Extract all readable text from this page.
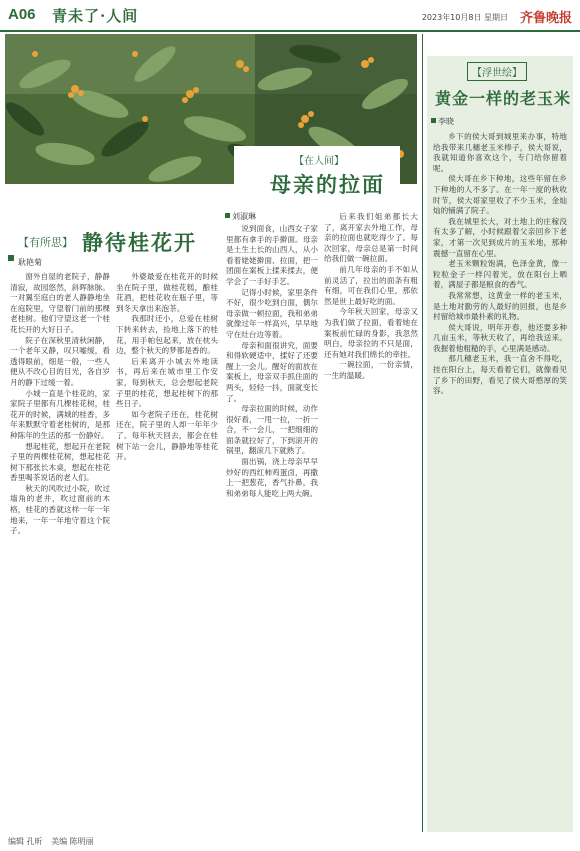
A06 青未了·人间	2023年10月8日 星期日 齐鲁晚报
【有所思】 静待桂花开
耿艳菊

窗外自屋的老院子，静静清寂，故园悠然，斜晖脉脉。一对翼至庭白的老人静静地坐在庭院里，守望着门前的那棵老桂树。他们守望这老一个桂花长开的大好日子。

院子在深秋里清秋闲静，一个老年又静，叹只嘘缓，看透得眼前，细是一般，一些人便从不改心目的目光，各自岁月的静下过缓一着。

小城一直是个桂花的，家家院子里都有几棵桂花树，桂花开的时候，满城的桂香，多年来默默守着老桂树的，是那种陈年的生活的那一份静好。

想起桂花，想起开在老院子里的两棵桂花树，想起桂花树下那张长木桌，想起在桂花香里喝茶说话的老人们。

秋天的风吹过小院，吹过墙角的老井，吹过窗前的木格，桂花的香就这样一年一年地来，一年一年地守着这个院子。

外婆最爱在桂花开的时候坐在院子里，做桂花糕，酿桂花酒，把桂花收在瓶子里，等到冬天拿出来泡茶。

我那时还小，总爱在桂树下转来转去，捡地上落下的桂花，用手帕包起来，放在枕头边，整个秋天的梦都是香的。

后来离开小城去外地读书，再后来在城市里工作安家，每到秋天，总会想起老院子里的桂花，想起桂树下的那些日子。

如今老院子还在，桂花树还在，院子里的人却一年年少了。每年秋天回去，都会在桂树下站一会儿，静静地等桂花开。

【在人间】
母亲的拉面
刘淑琳

说到面食，山西女子家里都有拿手的手擀面。母亲是土生土长的山西人，从小看着姥姥擀面、拉面，把一团面在案板上揉来揉去，便学会了一手好手艺。

记得小时候，家里条件不好，很少吃到白面，偶尔母亲做一顿拉面，我和弟弟就像过年一样高兴，早早地守在灶台边等着。

母亲和面很讲究，面要和得软硬适中，揉好了还要醒上一会儿。醒好的面放在案板上，母亲双手抓住面的两头，轻轻一抖，面就变长了。

母亲拉面的时候，动作很好看，一甩一拉，一折一合，不一会儿，一把细细的面条就拉好了，下到滚开的锅里，翻滚几下就熟了。

面出锅，浇上母亲早早炒好的西红柿鸡蛋卤，再撒上一把葱花，香气扑鼻，我和弟弟每人能吃上两大碗。

后来我们姐弟都长大了，离开家去外地工作，母亲的拉面也就吃得少了。每次回家，母亲总是第一时间给我们做一碗拉面。

前几年母亲的手不如从前灵活了，拉出的面条有粗有细，可在我们心里，那依然是世上最好吃的面。

今年秋天回家，母亲又为我们做了拉面，看着她在案板前忙碌的身影，我忽然明白，母亲拉的不只是面，还有她对我们绵长的牵挂。

一碗拉面，一份亲情，一生的温暖。

【浮世绘】
黄金一样的老玉米
李晓

乡下的侯大哥到城里来办事，特地给我带来几穗老玉米棒子，侯大哥说，我就知道你喜欢这个，专门给你留着呢。

侯大哥在乡下种地，这些年留在乡下种地的人不多了。在一年一度的秋收时节，侯大哥家里收了不少玉米，金灿灿的铺满了院子。

我在城里长大，对土地上的庄稼没有太多了解，小时候跟着父亲回乡下老家，才第一次见到成片的玉米地，那种震撼一直留在心里。

老玉米颗粒饱满，色泽金黄，像一粒粒金子一样闪着光，放在阳台上晒着，满屋子都是粮食的香气。

我常常想，这黄金一样的老玉米，是土地对勤劳的人最好的回报，也是乡村留给城市最朴素的礼物。

侯大哥说，明年开春，他还要多种几亩玉米，等秋天收了，再给我送来。我握着他粗糙的手，心里满是感动。

那几穗老玉米，我一直舍不得吃，挂在阳台上，每天看着它们，就像看见了乡下的田野，看见了侯大哥憨厚的笑容。

编辑 孔昕 美编 陈明丽
